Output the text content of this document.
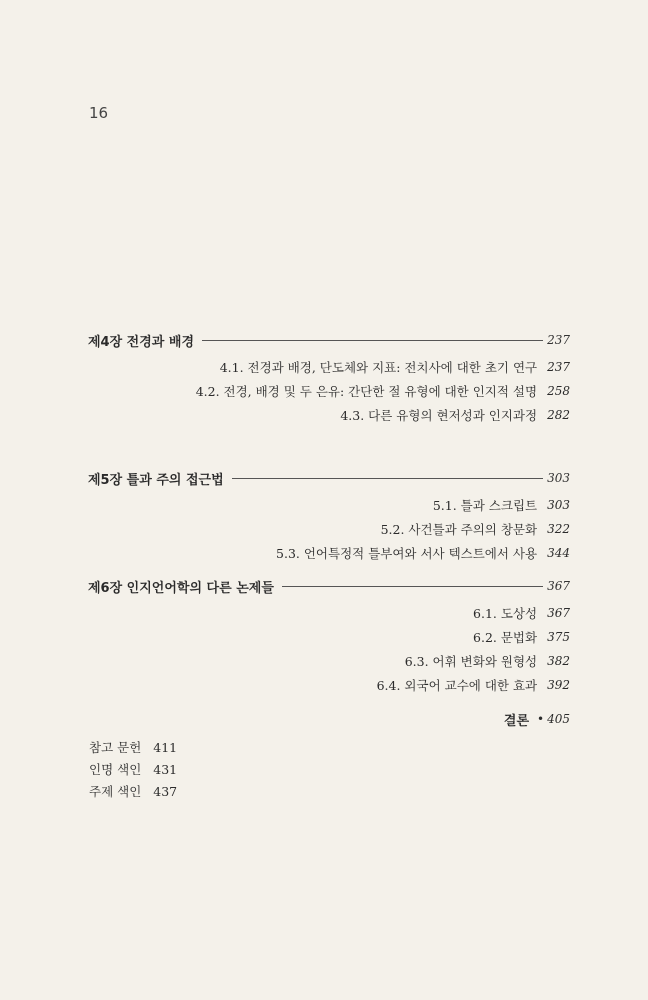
16
제4장 전경과 배경	237
4.1. 전경과 배경, 단도체와 지표: 전치사에 대한 초기 연구 237
4.2. 전경, 배경 및 두 은유: 간단한 절 유형에 대한 인지적 설명 258
4.3. 다른 유형의 현저성과 인지과정 282
제5장 틀과 주의 접근법	303
5.1. 틀과 스크립트 303
5.2. 사건틀과 주의의 창문화 322
5.3. 언어특정적 틀부여와 서사 텍스트에서 사용 344
제6장 인지언어학의 다른 논제들	367
6.1. 도상성 367
6.2. 문법화 375
6.3. 어휘 변화와 원형성 382
6.4. 외국어 교수에 대한 효과 392
결론 • 405
참고 문헌 411
인명 색인 431
주제 색인 437
